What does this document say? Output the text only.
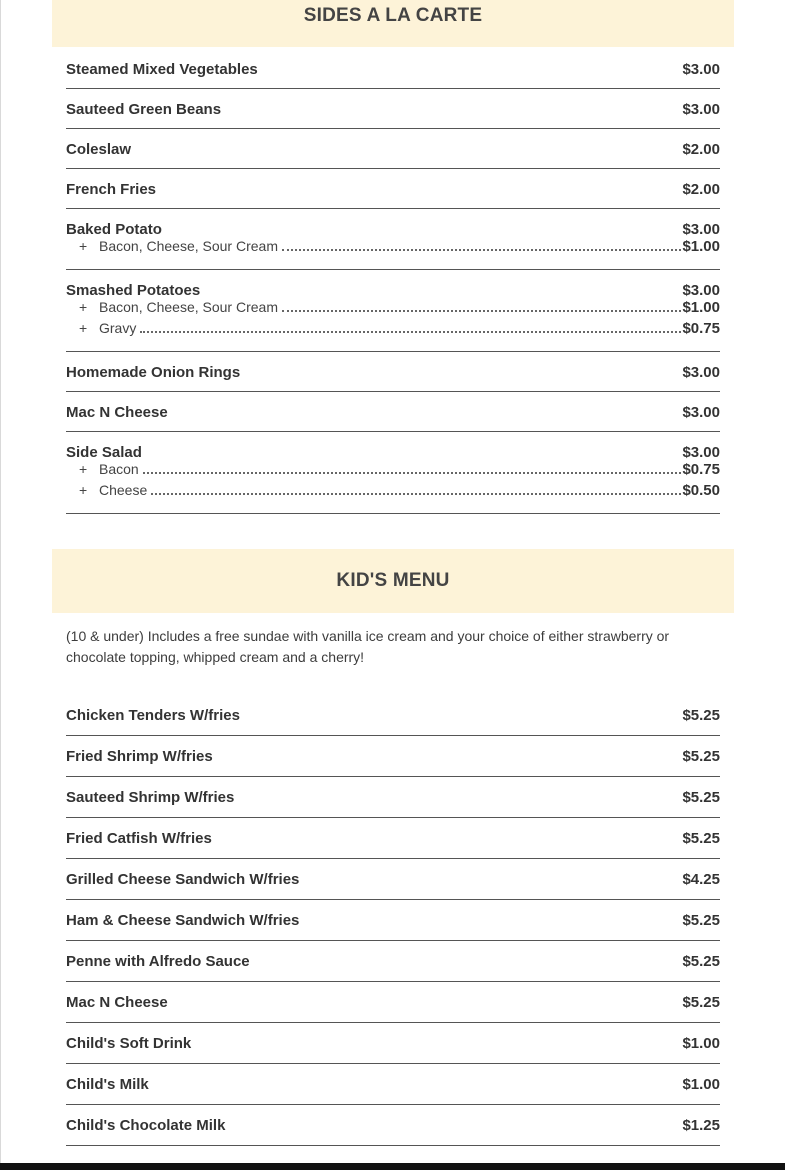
SIDES A LA CARTE
Steamed Mixed Vegetables	$3.00
Sauteed Green Beans	$3.00
Coleslaw	$2.00
French Fries	$2.00
Baked Potato	$3.00
+ Bacon, Cheese, Sour Cream	$1.00
Smashed Potatoes	$3.00
+ Bacon, Cheese, Sour Cream	$1.00
+ Gravy	$0.75
Homemade Onion Rings	$3.00
Mac N Cheese	$3.00
Side Salad	$3.00
+ Bacon	$0.75
+ Cheese	$0.50
KID'S MENU
(10 & under) Includes a free sundae with vanilla ice cream and your choice of either strawberry or chocolate topping, whipped cream and a cherry!
Chicken Tenders W/fries	$5.25
Fried Shrimp W/fries	$5.25
Sauteed Shrimp W/fries	$5.25
Fried Catfish W/fries	$5.25
Grilled Cheese Sandwich W/fries	$4.25
Ham & Cheese Sandwich W/fries	$5.25
Penne with Alfredo Sauce	$5.25
Mac N Cheese	$5.25
Child's Soft Drink	$1.00
Child's Milk	$1.00
Child's Chocolate Milk	$1.25
